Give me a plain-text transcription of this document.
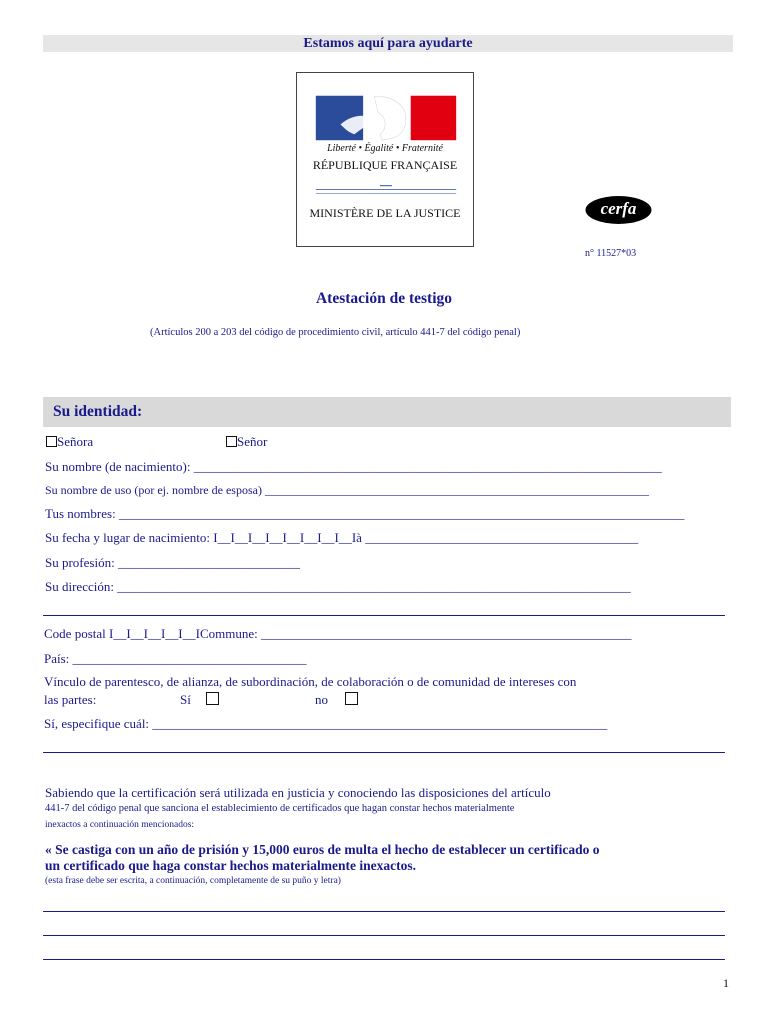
Estamos aquí para ayudarte
Liberté • Égalité • Fraternité
RÉPUBLIQUE FRANÇAISE
MINISTÈRE DE LA JUSTICE	cerfa
n° 11527*03
Atestación de testigo
(Artículos 200 a 203 del código de procedimiento civil, artículo 441-7 del código penal)
Su identidad:
Señora	Señor
Su nombre (de nacimiento): ________________________________________________________________________
Su nombre de uso (por ej. nombre de esposa) ________________________________________________________________
Tus nombres: _______________________________________________________________________________________
Su fecha y lugar de nacimiento: I__I__I__I__I__I__I__I__Ià __________________________________________
Su profesión: ____________________________
Su dirección: _______________________________________________________________________________
Code postal I__I__I__I__I__ICommune: _________________________________________________________
País: ____________________________________
Vínculo de parentesco, de alianza, de subordinación, de colaboración o de comunidad de intereses con
las partes:	Sí	no
Sí, especifique cuál: ______________________________________________________________________
Sabiendo que la certificación será utilizada en justicia y conociendo las disposiciones del artículo
441-7 del código penal que sanciona el establecimiento de certificados que hagan constar hechos materialmente
inexactos a continuación mencionados:
« Se castiga con un año de prisión y 15,000 euros de multa el hecho de establecer un certificado o
un certificado que haga constar hechos materialmente inexactos.
(esta frase debe ser escrita, a continuación, completamente de su puño y letra)
1
